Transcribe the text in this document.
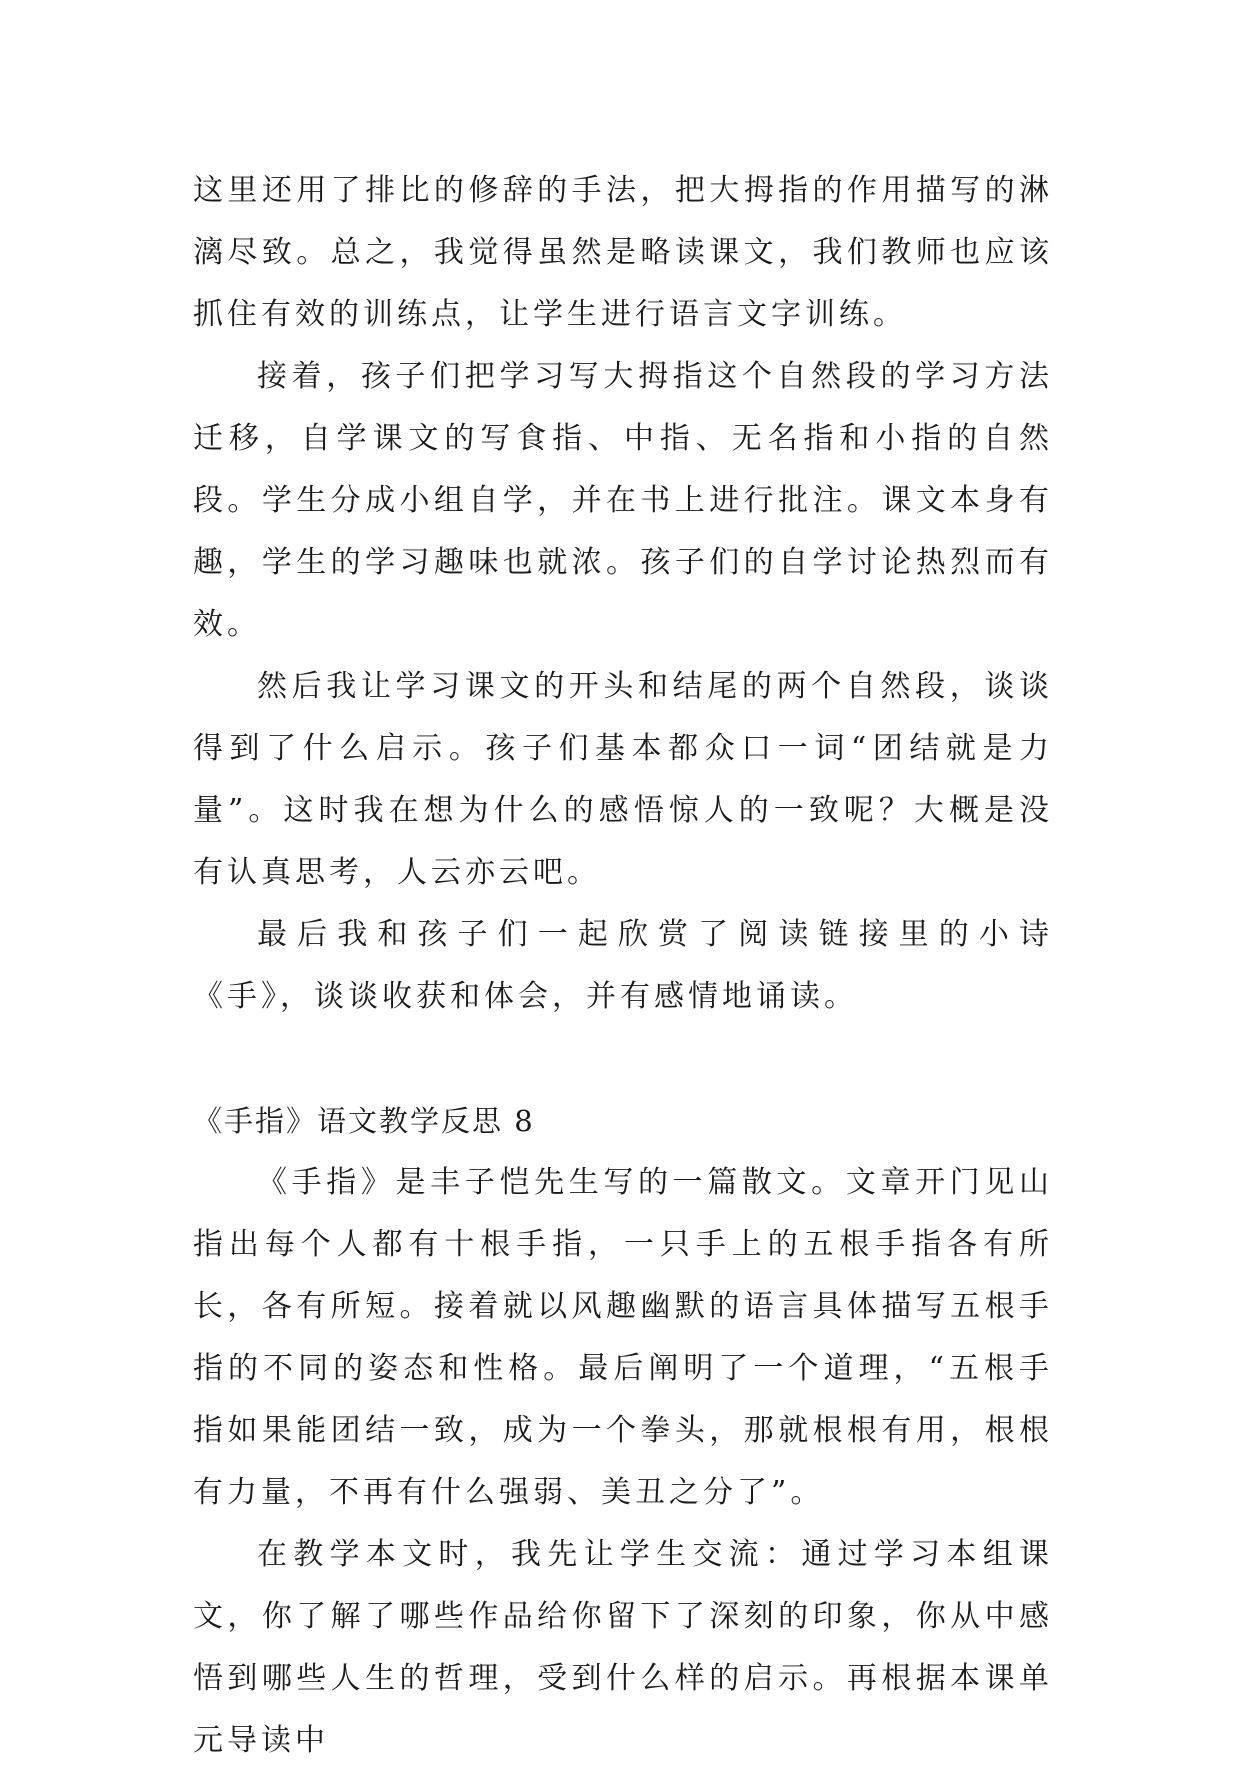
这里还用了排比的修辞的手法，把大拇指的作用描写的淋漓尽致。总之，我觉得虽然是略读课文，我们教师也应该抓住有效的训练点，让学生进行语言文字训练。

接着，孩子们把学习写大拇指这个自然段的学习方法迁移，自学课文的写食指、中指、无名指和小指的自然段。学生分成小组自学，并在书上进行批注。课文本身有趣，学生的学习趣味也就浓。孩子们的自学讨论热烈而有效。

然后我让学习课文的开头和结尾的两个自然段，谈谈得到了什么启示。孩子们基本都众口一词“团结就是力量”。这时我在想为什么的感悟惊人的一致呢？大概是没有认真思考，人云亦云吧。

最后我和孩子们一起欣赏了阅读链接里的小诗《手》，谈谈收获和体会，并有感情地诵读。

《手指》语文教学反思 8

《手指》是丰子恺先生写的一篇散文。文章开门见山指出每个人都有十根手指，一只手上的五根手指各有所长，各有所短。接着就以风趣幽默的语言具体描写五根手指的不同的姿态和性格。最后阐明了一个道理，“五根手指如果能团结一致，成为一个拳头，那就根根有用，根根有力量，不再有什么强弱、美丑之分了”。

在教学本文时，我先让学生交流：通过学习本组课文，你了解了哪些作品给你留下了深刻的印象，你从中感悟到哪些人生的哲理，受到什么样的启示。再根据本课单元导读中
